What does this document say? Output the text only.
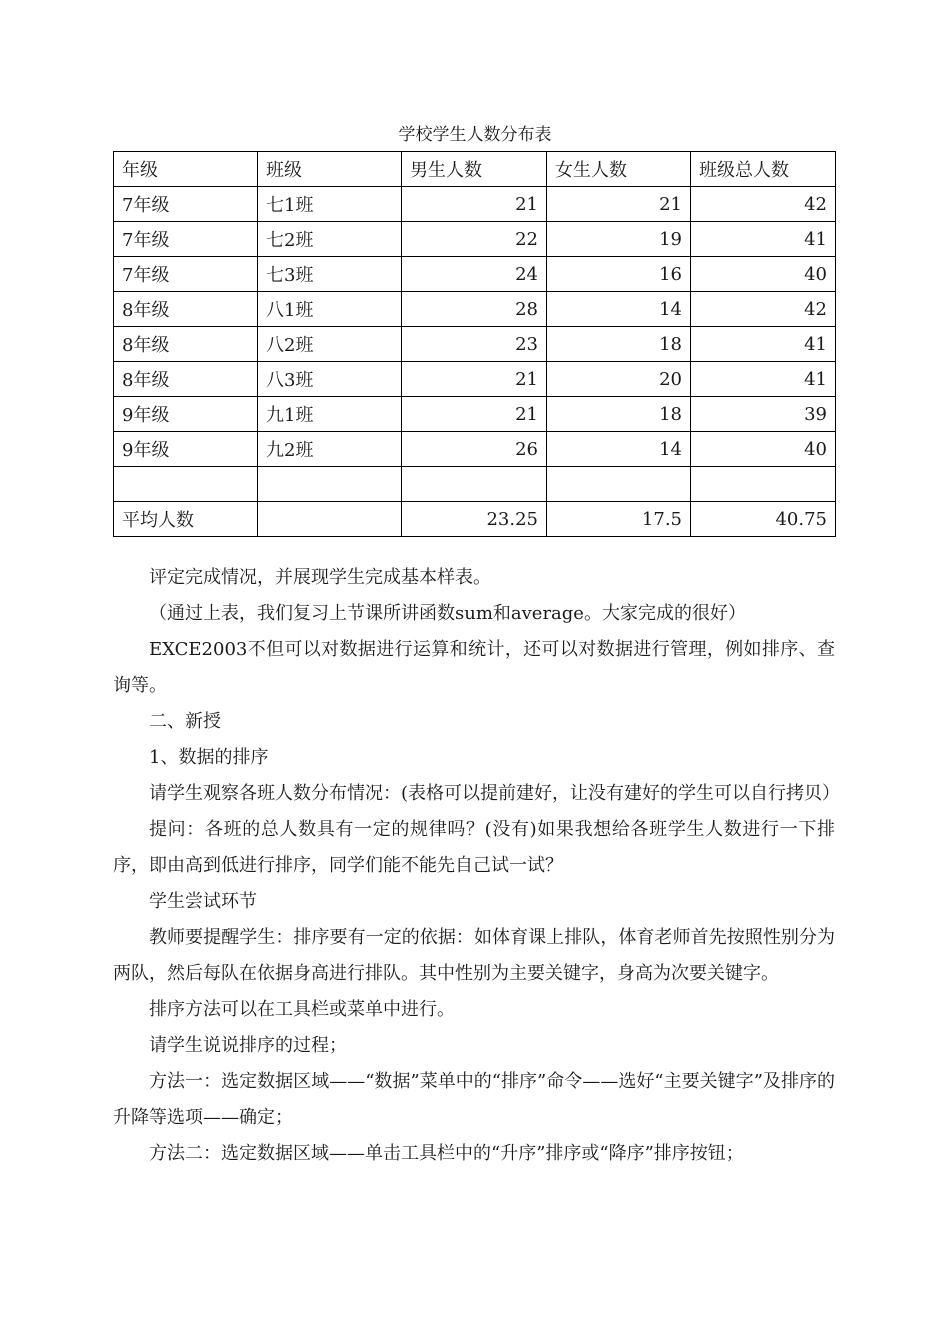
学校学生人数分布表
年级	班级	男生人数	女生人数	班级总人数
7年级	七1班	21	21	42
7年级	七2班	22	19	41
7年级	七3班	24	16	40
8年级	八1班	28	14	42
8年级	八2班	23	18	41
8年级	八3班	21	20	41
9年级	九1班	21	18	39
9年级	九2班	26	14	40

平均人数		23.25	17.5	40.75

评定完成情况，并展现学生完成基本样表。

（通过上表，我们复习上节课所讲函数sum和average。大家完成的很好）

EXCE2003不但可以对数据进行运算和统计，还可以对数据进行管理，例如排序、查询等。

二、新授

1、数据的排序

请学生观察各班人数分布情况：(表格可以提前建好，让没有建好的学生可以自行拷贝）

提问：各班的总人数具有一定的规律吗？(没有)如果我想给各班学生人数进行一下排序，即由高到低进行排序，同学们能不能先自己试一试？

学生尝试环节

教师要提醒学生：排序要有一定的依据：如体育课上排队，体育老师首先按照性别分为两队，然后每队在依据身高进行排队。其中性别为主要关键字，身高为次要关键字。

排序方法可以在工具栏或菜单中进行。

请学生说说排序的过程；

方法一：选定数据区域——“数据”菜单中的“排序”命令——选好“主要关键字”及排序的升降等选项——确定；

方法二：选定数据区域——单击工具栏中的“升序”排序或“降序”排序按钮；
